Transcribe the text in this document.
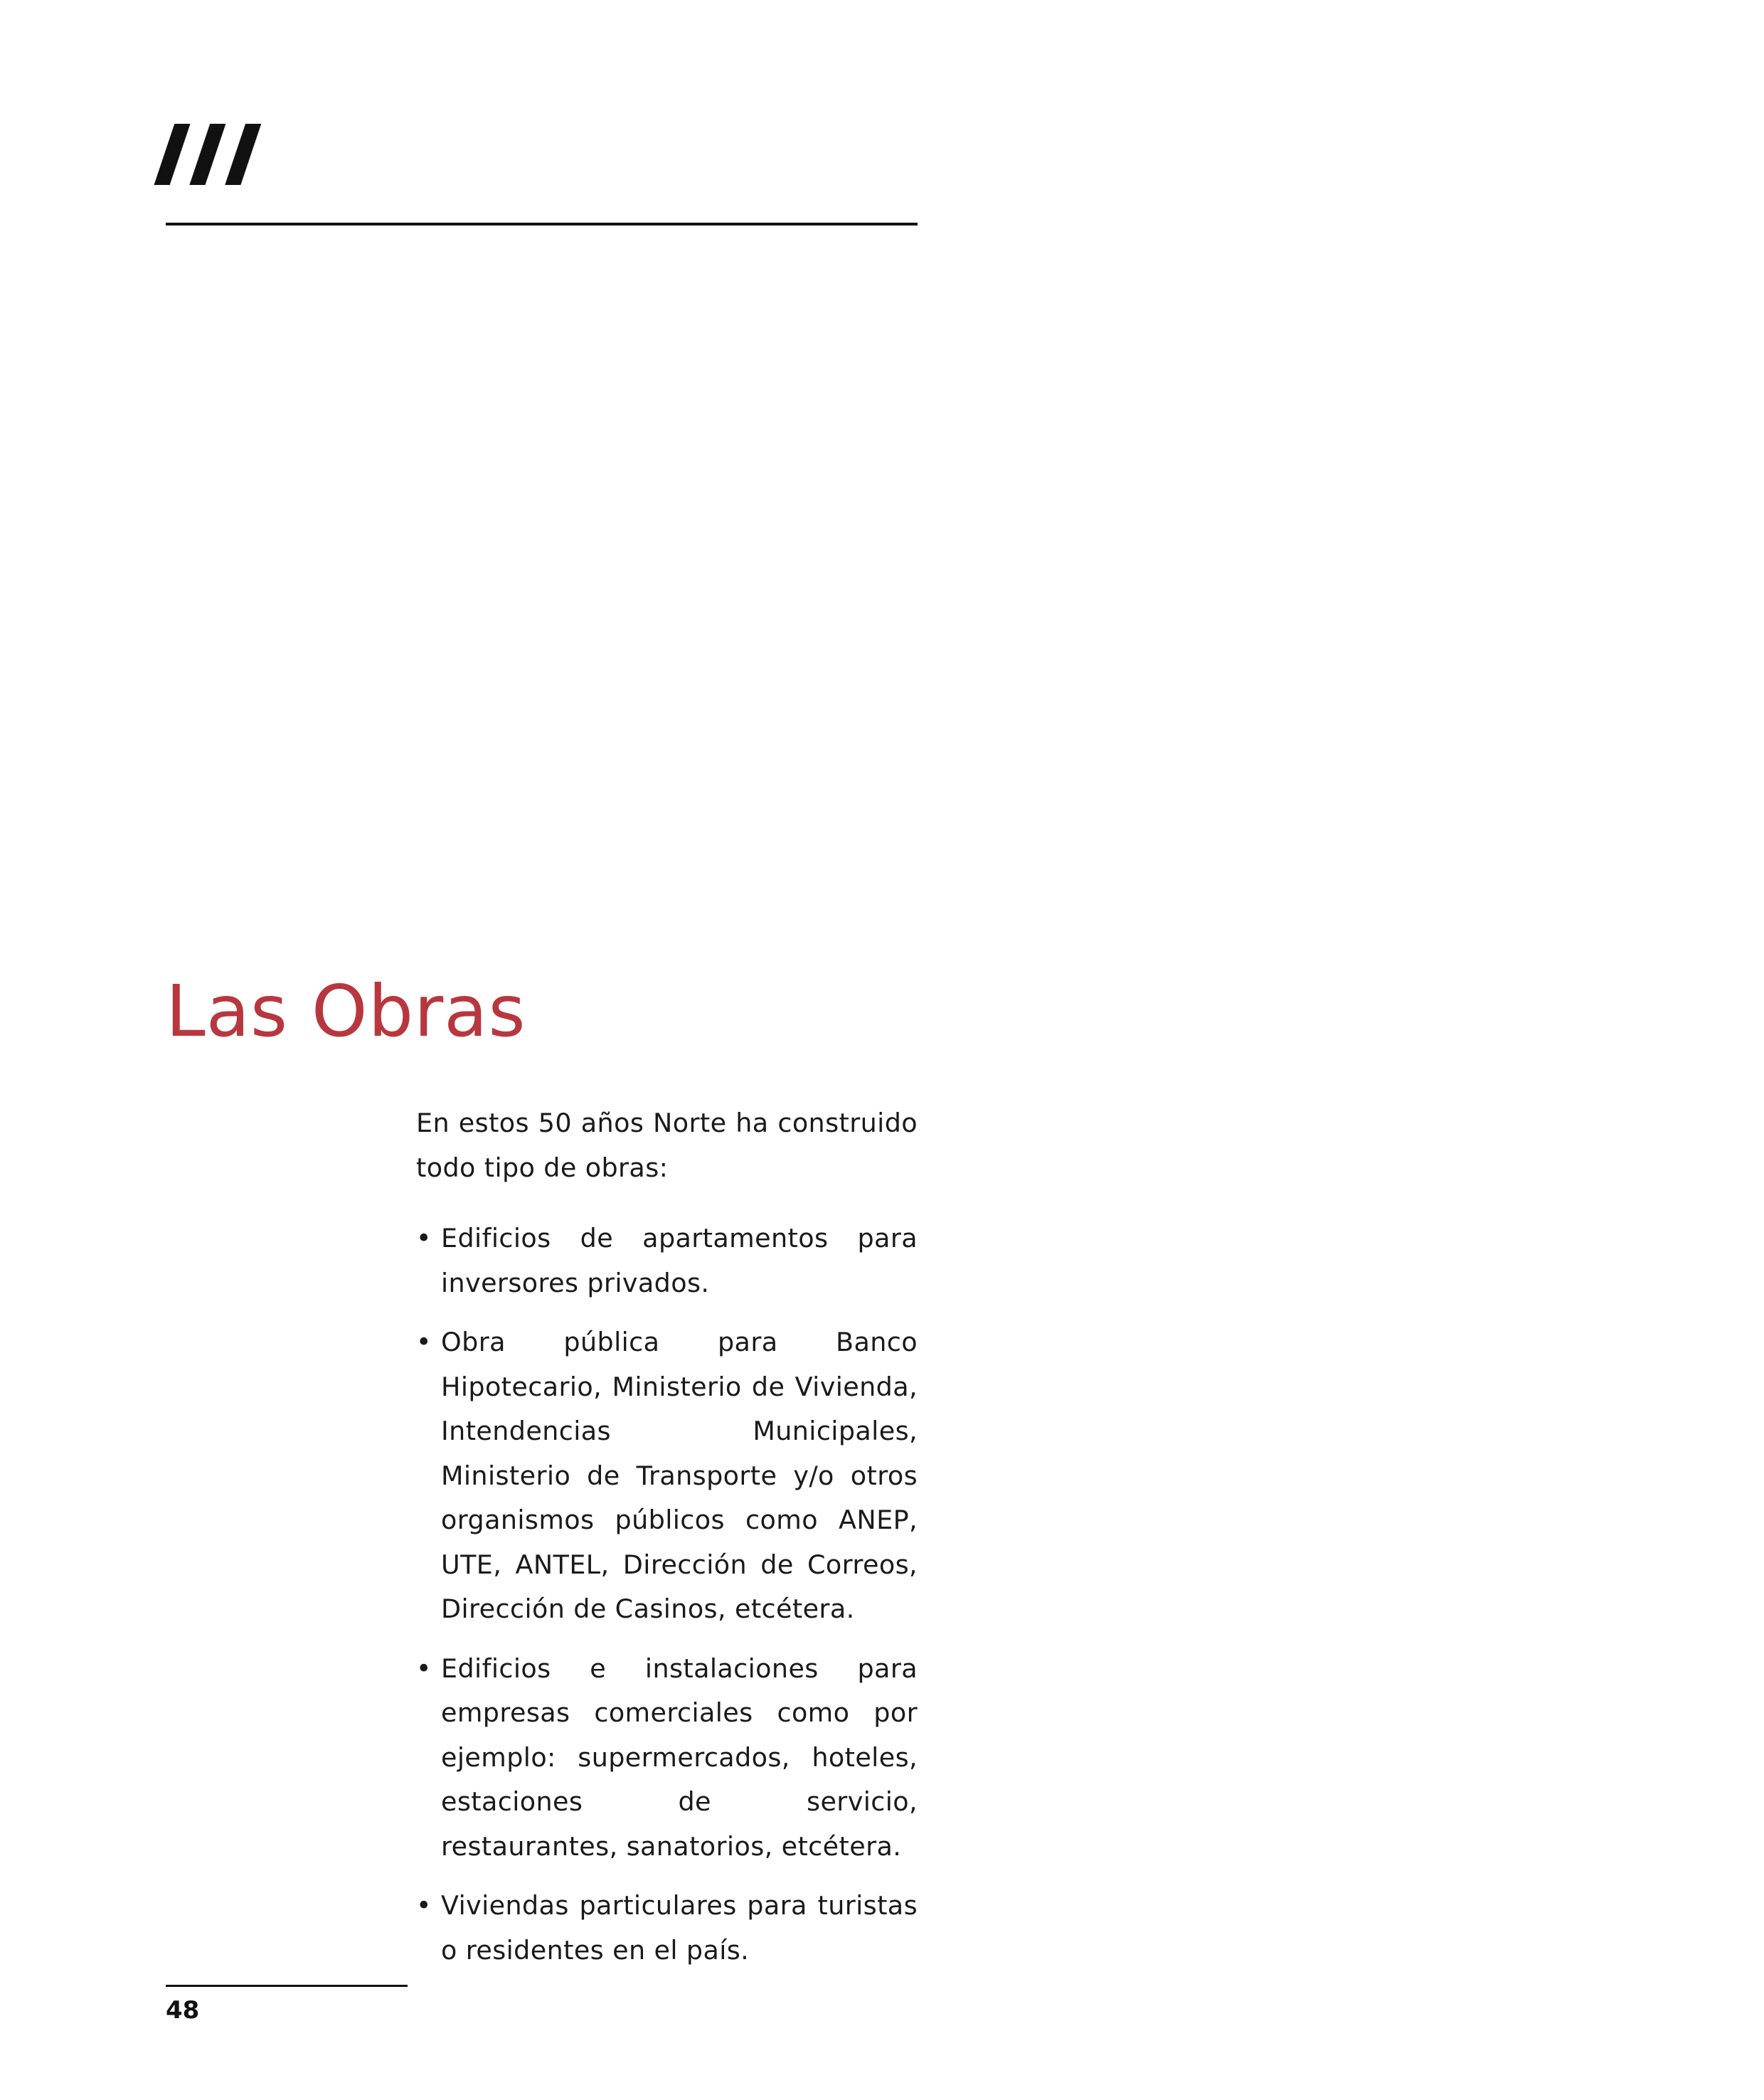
III
Las Obras

En estos 50 años Norte ha construido todo tipo de obras:

• Edificios de apartamentos para inversores privados.
• Obra pública para Banco Hipotecario, Ministerio de Vivienda, Intendencias Municipales, Ministerio de Transporte y/o otros organismos públicos como ANEP, UTE, ANTEL, Dirección de Correos, Dirección de Casinos, etcétera.
• Edificios e instalaciones para empresas comerciales como por ejemplo: supermercados, hoteles, estaciones de servicio, restaurantes, sanatorios, etcétera.
• Viviendas particulares para turistas o residentes en el país.
48
